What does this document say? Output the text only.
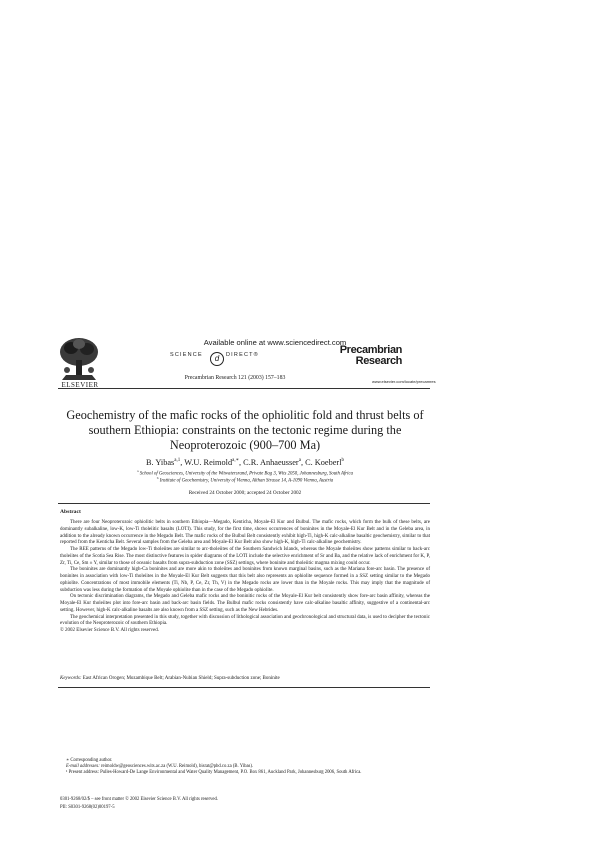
ELSEVIER
Available online at www.sciencedirect.com
SCIENCE	d	DIRECT®
Precambrian Research 121 (2003) 157–183
Precambrian
Research
www.elsevier.com/locate/precamres
Geochemistry of the mafic rocks of the ophiolitic fold and thrust belts of southern Ethiopia: constraints on the tectonic regime during the Neoproterozoic (900–700 Ma)
B. Yibas$^{a,1}$, W.U. Reimold$^{a,∗}$, C.R. Anhaeusser$^a$, C. Koeberl$^b$
$^a$ School of Geosciences, University of the Witwatersrand, Private Bag 3, Wits 2050, Johannesburg, South Africa
$^b$ Institute of Geochemistry, University of Vienna, Althan Strasse 14, A-1090 Vienna, Austria
Received 24 October 2000; accepted 24 October 2002
Abstract

There are four Neoproterozoic ophiolitic belts in southern Ethiopia—Megado, Kenticha, Moyale-El Kur and Bulbul. The mafic rocks, which form the bulk of these belts, are dominantly subalkaline, low-K, low-Ti tholeiitic basalts (LOTI). This study, for the first time, shows occurrences of boninites in the Moyale-El Kur Belt and in the Geleba area, in addition to the already known occurrence in the Megado Belt. The mafic rocks of the Bulbul Belt consistently exhibit high-Ti, high-K calc-alkaline basaltic geochemistry, similar to that reported from the Kenticha Belt. Several samples from the Geleba area and Moyale-El Kur Belt also show high-K, high-Ti calc-alkaline geochemistry.

The REE patterns of the Megado low-Ti tholeiites are similar to arc-tholeiites of the Southern Sandwich Islands, whereas the Moyale tholeiites show patterns similar to back-arc tholeiites of the Scotia Sea Rise. The most distinctive features in spider diagrams of the LOTI include the selective enrichment of Sr and Ba, and the relative lack of enrichment for K, P, Zr, Ti, Ce, Sm ± Y, similar to those of oceanic basalts from supra-subduction zone (SSZ) settings, where boninite and tholeiitic magma mixing could occur.

The boninites are dominantly high-Ca boninites and are more akin to tholeiites and boninites from known marginal basins, such as the Mariana fore-arc basin. The presence of boninites in association with low-Ti tholeiites in the Moyale-El Kur Belt suggests that this belt also represents an ophiolite sequence formed in a SSZ setting similar to the Megado ophiolite. Concentrations of most immobile elements (Ti, Nb, P, Ce, Zr, Th, V) in the Megado rocks are lower than in the Moyale rocks. This may imply that the magnitude of subduction was less during the formation of the Moyale ophiolite than in the case of the Megado ophiolite.

On tectonic discrimination diagrams, the Megado and Geleba mafic rocks and the boninitic rocks of the Moyale-El Kur belt consistently show fore-arc basin affinity, whereas the Moyale-El Kur tholeiites plot into fore-arc basin and back-arc basin fields. The Bulbul mafic rocks consistently have calc-alkaline basaltic affinity, suggestive of a continental-arc setting. However, high-K calc-alkaline basalts are also known from a SSZ setting, such as the New Hebrides.

The geochemical interpretation presented in this study, together with discussion of lithological association and geochronological and structural data, is used to decipher the tectonic evolution of the Neoproterozoic of southern Ethiopia.

© 2002 Elsevier Science B.V. All rights reserved.

Keywords: East African Orogen; Mozambique Belt; Arabian-Nubian Shield; Supra-subduction zone; Boninite

∗ Corresponding author.

E-mail addresses: reimoldw@geosciences.wits.ac.za (W.U. Reimold), bisrat@pbd.co.za (B. Yibas).

¹ Present address: Pulles-Howard-De Lange Environmental and Water Quality Management, P.O. Box 861, Auckland Park, Johannesburg 2006, South Africa.

0301-9268/02/$ – see front matter © 2002 Elsevier Science B.V. All rights reserved.
PII: S0301-9268(02)00197-5
